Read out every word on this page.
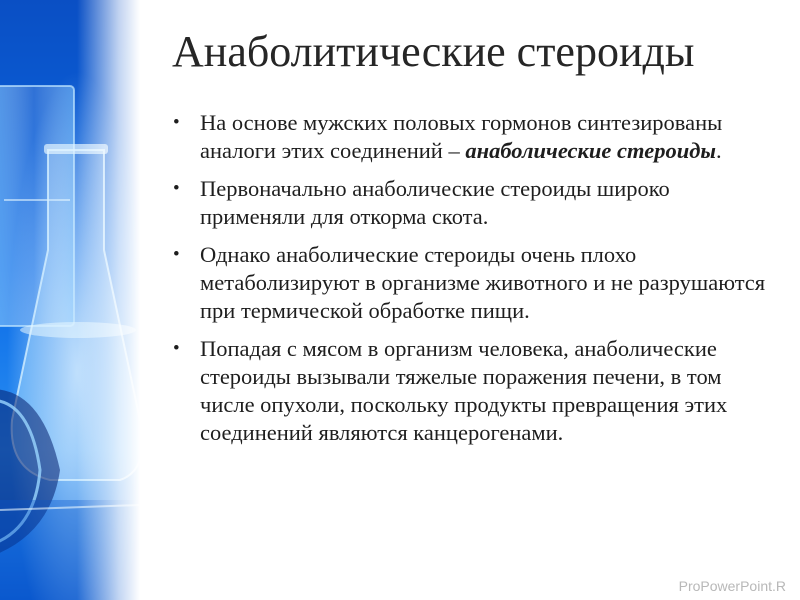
Анаболитические стероиды
• На основе мужских половых гормонов синтезированы аналоги этих соединений – анаболические стероиды.
• Первоначально анаболические стероиды широко применяли для откорма скота.
• Однако анаболические стероиды очень плохо метаболизируют в организме животного и не разрушаются при термической обработке пищи.
• Попадая с мясом в организм человека, анаболические стероиды вызывали тяжелые поражения печени, в том числе опухоли, поскольку продукты превращения этих соединений являются канцерогенами.
ProPowerPoint.R
